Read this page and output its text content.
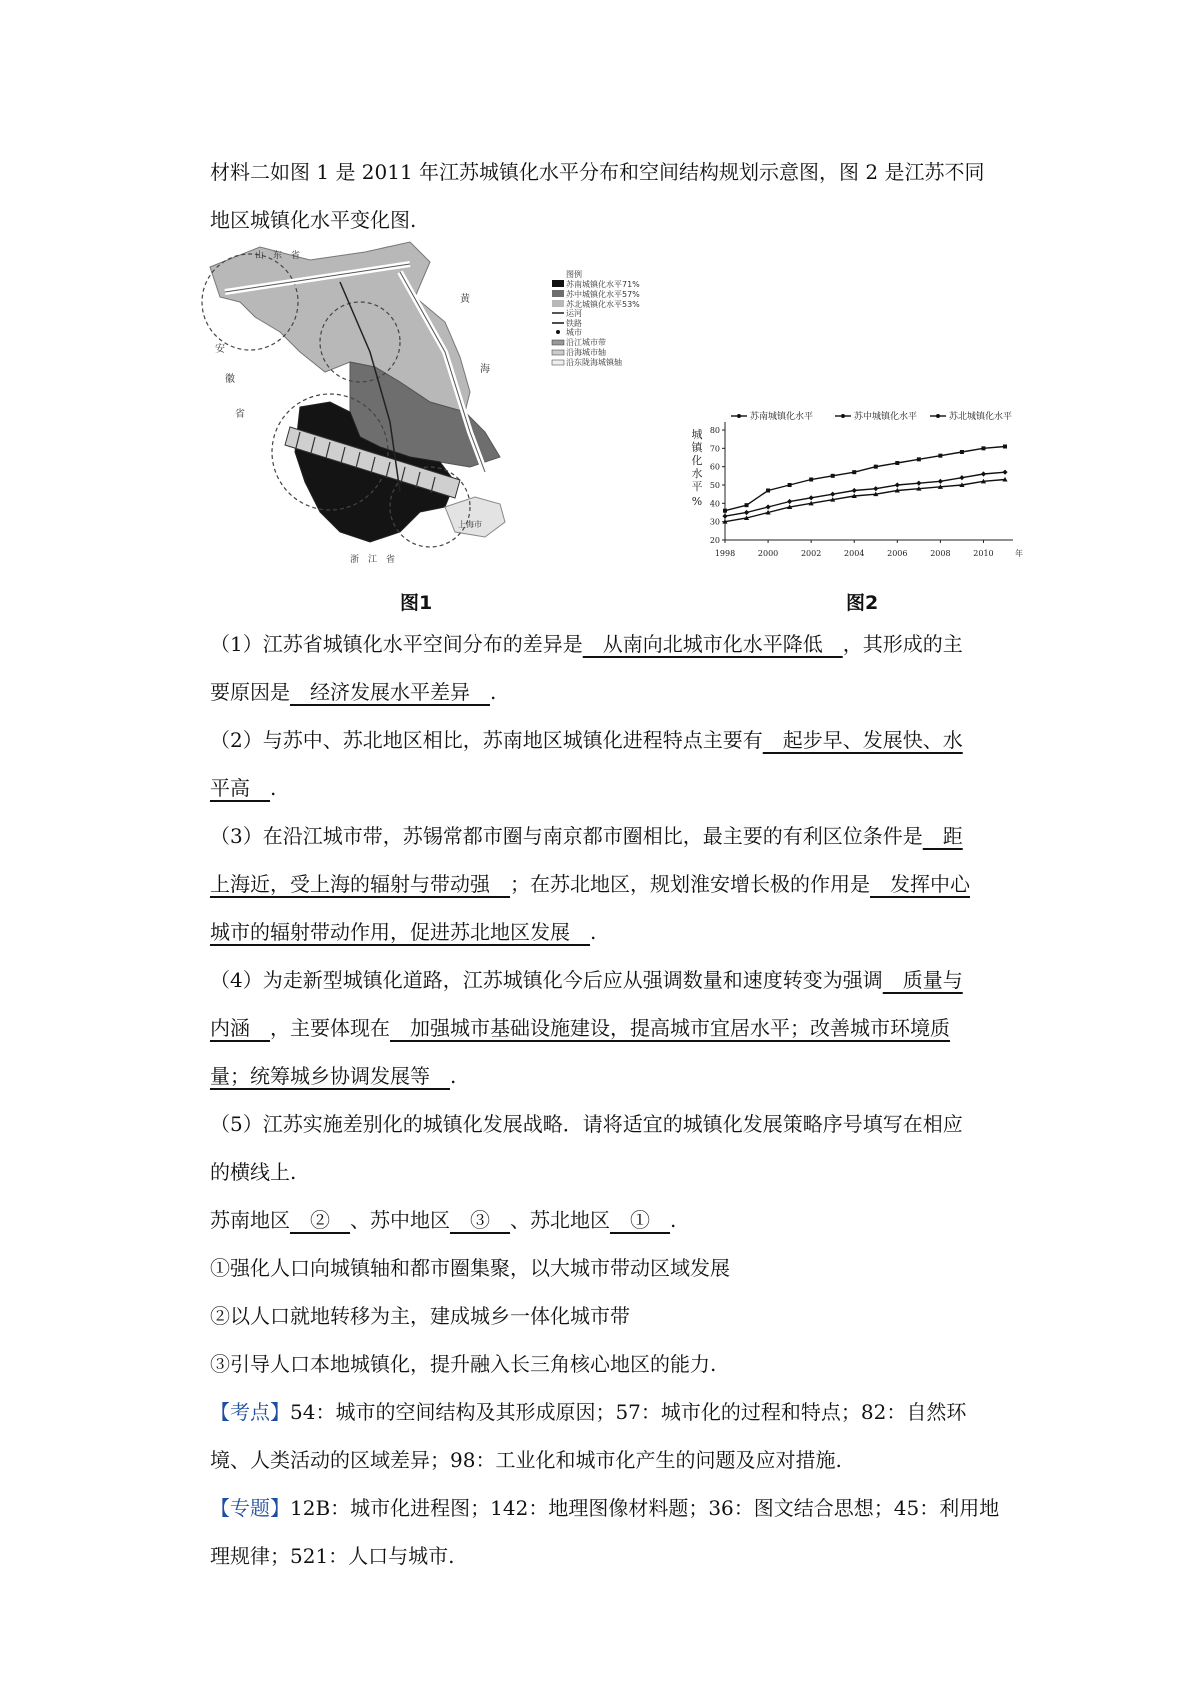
材料二如图 1 是 2011 年江苏城镇化水平分布和空间结构规划示意图，图 2 是江苏不同
地区城镇化水平变化图.

山　东　省
黄
海
安
徽
省
上海市
浙　江　省
图例
苏南城镇化水平71%
苏中城镇化水平57%
苏北城镇化水平53%
运河
铁路
城市
沿江城市带
沿海城市轴
沿东陇海城镇轴
图1
苏南城镇化水平	苏中城镇化水平	苏北城镇化水平
20
30
40
50
60
70
80
城
镇
化
水
平
%
1998	2000	2002	2004	2006	2008	2010	年
图2

（1）江苏省城镇化水平空间分布的差异是　从南向北城市化水平降低　，其形成的主
要原因是　经济发展水平差异　.

（2）与苏中、苏北地区相比，苏南地区城镇化进程特点主要有　起步早、发展快、水
平高　.

（3）在沿江城市带，苏锡常都市圈与南京都市圈相比，最主要的有利区位条件是　距
上海近，受上海的辐射与带动强　；在苏北地区，规划淮安增长极的作用是　发挥中心
城市的辐射带动作用，促进苏北地区发展　.

（4）为走新型城镇化道路，江苏城镇化今后应从强调数量和速度转变为强调　质量与
内涵　，主要体现在　加强城市基础设施建设，提高城市宜居水平；改善城市环境质
量；统筹城乡协调发展等　.

（5）江苏实施差别化的城镇化发展战略．请将适宜的城镇化发展策略序号填写在相应
的横线上.

苏南地区　②　、苏中地区　③　、苏北地区　①　.

①强化人口向城镇轴和都市圈集聚，以大城市带动区域发展
②以人口就地转移为主，建成城乡一体化城市带
③引导人口本地城镇化，提升融入长三角核心地区的能力.

【考点】54：城市的空间结构及其形成原因；57：城市化的过程和特点；82：自然环
境、人类活动的区域差异；98：工业化和城市化产生的问题及应对措施.

【专题】12B：城市化进程图；142：地理图像材料题；36：图文结合思想；45：利用地
理规律；521：人口与城市.
